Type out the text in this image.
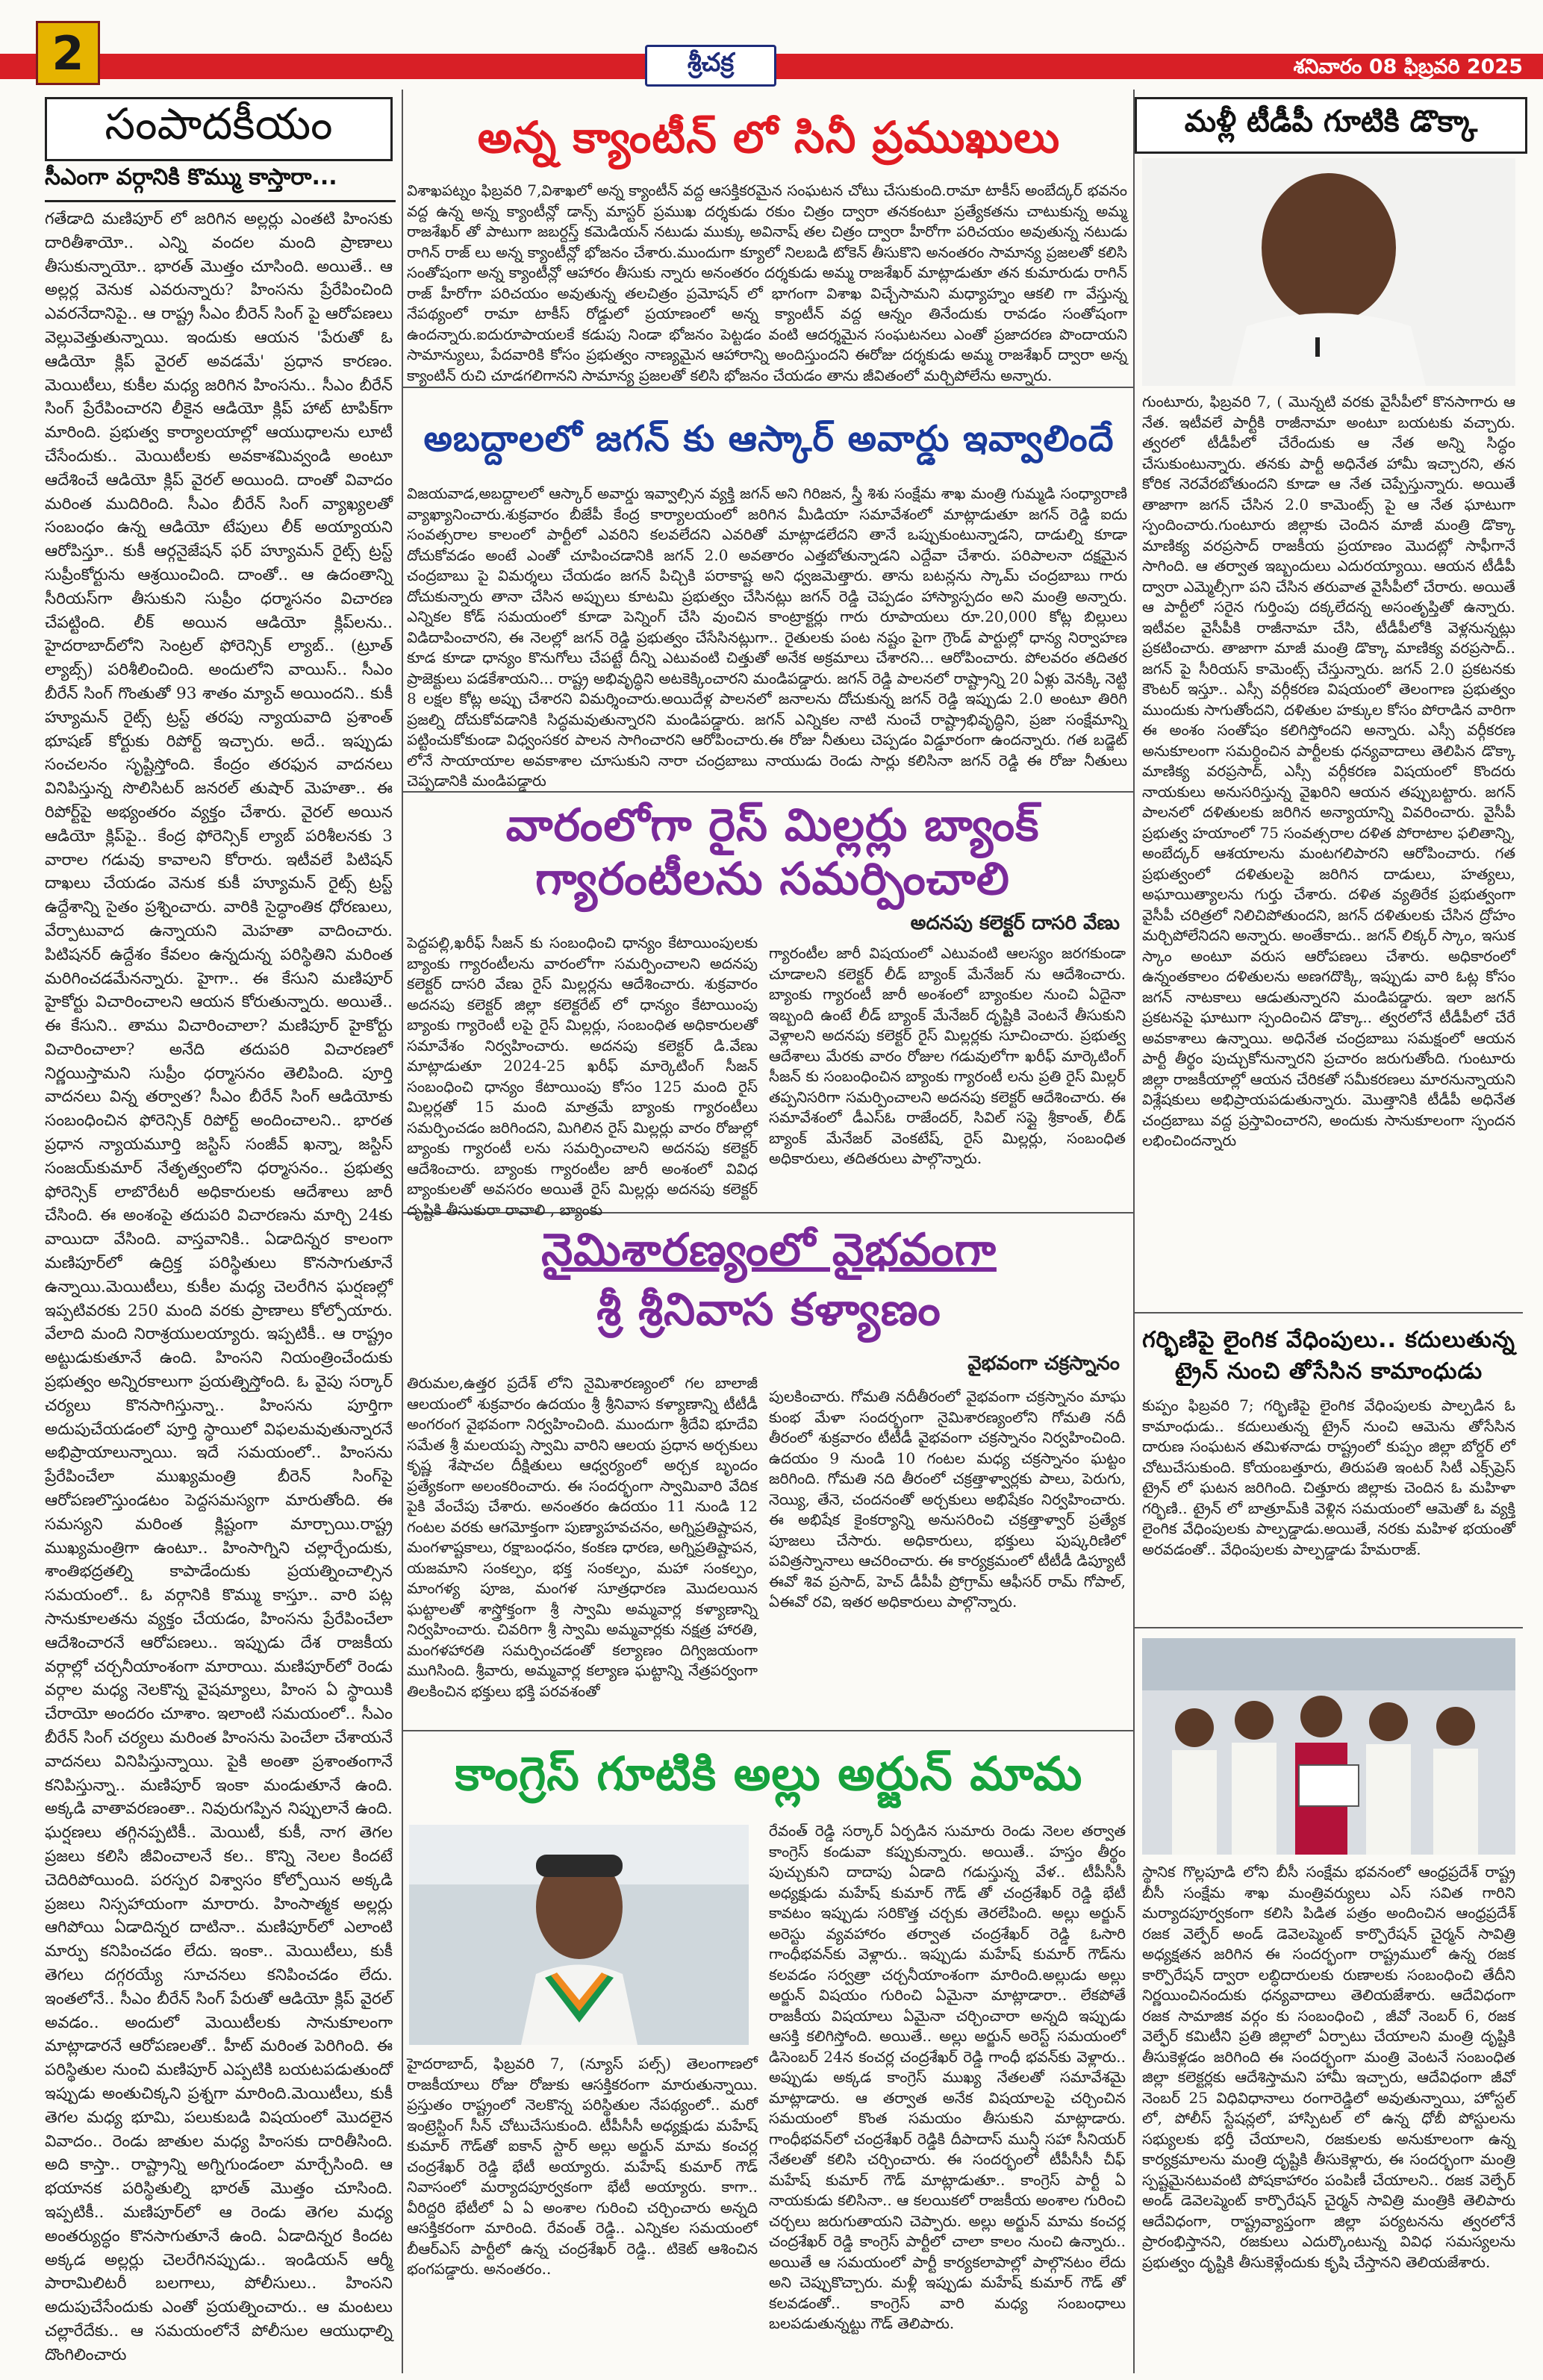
2	శ్రీచక్ర	శనివారం 08 ఫిబ్రవరి 2025
సంపాదకీయం
సీఎంగా వర్గానికి కొమ్ము కాస్తారా...
గతేడాది మణిపూర్ లో జరిగిన అల్లర్లు ఎంతటి హింసకు దారితీశాయో.. ఎన్ని వందల మంది ప్రాణాలు తీసుకున్నాయో.. భారత్ మొత్తం చూసింది. అయితే.. ఆ అల్లర్ల వెనుక ఎవరున్నారు? హింసను ప్రేరేపించింది ఎవరనేదానిపై.. ఆ రాష్ట్ర సీఎం బీరెన్ సింగ్ పై ఆరోపణలు వెల్లువెత్తుతున్నాయి. ఇందుకు ఆయన 'పేరుతో ఓ ఆడియో క్లిప్ వైరల్ అవడమే' ప్రధాన కారణం. మెయిటీలు, కుకీల మధ్య జరిగిన హింసను.. సీఎం బీరేన్ సింగ్ ప్రేరేపించారని లీకైన ఆడియో క్లిప్ హాట్ టాపిక్‌గా మారింది. ప్రభుత్వ కార్యాలయాల్లో ఆయుధాలను లూటీ చేసేందుకు.. మెయిటీలకు అవకాశమివ్వండి అంటూ ఆదేశించే ఆడియో క్లిప్ వైరల్ అయింది. దాంతో వివాదం మరింత ముదిరింది. సీఎం బీరేన్ సింగ్ వ్యాఖ్యలతో సంబంధం ఉన్న ఆడియో టేపులు లీక్ అయ్యాయని ఆరోపిస్తూ.. కుకీ ఆర్గనైజేషన్ ఫర్ హ్యూమన్ రైట్స్ ట్రస్ట్ సుప్రీంకోర్టును ఆశ్రయించింది. దాంతో.. ఆ ఉదంతాన్ని సీరియస్‌గా తీసుకుని సుప్రీం ధర్మాసనం విచారణ చేపట్టింది. లీక్ అయిన ఆడియో క్లిప్‌లను.. హైదరాబాద్‌లోని సెంట్రల్ ఫోరెన్సిక్ ల్యాబ్.. (ట్రూత్ ల్యాబ్స్) పరిశీలించింది. అందులోని వాయిస్.. సీఎం బీరేన్ సింగ్ గొంతుతో 93 శాతం మ్యాచ్ అయిందని.. కుకీ హ్యూమన్ రైట్స్ ట్రస్ట్ తరపు న్యాయవాది ప్రశాంత్ భూషణ్ కోర్టుకు రిపోర్ట్ ఇచ్చారు. అదే.. ఇప్పుడు సంచలనం సృష్టిస్తోంది. కేంద్రం తరఫున వాదనలు వినిపిస్తున్న సొలిసిటర్ జనరల్ తుషార్ మెహతా.. ఈ రిపోర్ట్‌పై అభ్యంతరం వ్యక్తం చేశారు. వైరల్ అయిన ఆడియో క్లిప్‌పై.. కేంద్ర ఫోరెన్సిక్ ల్యాబ్ పరిశీలనకు 3 వారాల గడువు కావాలని కోరారు. ఇటీవలే పిటిషన్ దాఖలు చేయడం వెనుక కుకీ హ్యూమన్ రైట్స్ ట్రస్ట్ ఉద్దేశాన్ని సైతం ప్రశ్నించారు. వారికి సైద్ధాంతిక ధోరణులు, వేర్పాటువాద ఉన్నాయని మెహతా వాదించారు. పిటిషనర్ ఉద్దేశం కేవలం ఉన్నదున్న పరిస్థితిని మరింత మరిగించడమేనన్నారు. హైగా.. ఈ కేసుని మణిపూర్ హైకోర్టు విచారించాలని ఆయన కోరుతున్నారు. అయితే.. ఈ కేసుని.. తాము విచారించాలా? మణిపూర్ హైకోర్టు విచారించాలా? అనేది తదుపరి విచారణలో నిర్ణయిస్తామని సుప్రీం ధర్మాసనం తెలిపింది. పూర్తి వాదనలు విన్న తర్వాత? సీఎం బీరేన్ సింగ్ ఆడియోకు సంబంధించిన ఫోరెన్సిక్ రిపోర్ట్ అందించాలని.. భారత ప్రధాన న్యాయమూర్తి జస్టిస్ సంజీవ్ ఖన్నా, జస్టిస్ సంజయ్‌కుమార్ నేతృత్వంలోని ధర్మాసనం.. ప్రభుత్వ ఫోరెన్సిక్ లాబొరేటరీ అధికారులకు ఆదేశాలు జారీ చేసింది. ఈ అంశంపై తదుపరి విచారణను మార్చి 24కు వాయిదా వేసింది. వాస్తవానికి.. ఏడాదిన్నర కాలంగా మణిపూర్‌లో ఉద్రిక్త పరిస్థితులు కొనసాగుతూనే ఉన్నాయి.మెయిటీలు, కుకీల మధ్య చెలరేగిన ఘర్షణల్లో ఇప్పటివరకు 250 మంది వరకు ప్రాణాలు కోల్పోయారు. వేలాది మంది నిరాశ్రయులయ్యారు. ఇప్పటికీ.. ఆ రాష్ట్రం అట్టుడుకుతూనే ఉంది. హింసని నియంత్రించేందుకు ప్రభుత్వం అన్నిరకాలుగా ప్రయత్నిస్తోంది. ఓ వైపు సర్కార్ చర్యలు కొనసాగిస్తున్నా.. హింసను పూర్తిగా అదుపుచేయడంలో పూర్తి స్థాయిలో విఫలమవుతున్నారనే అభిప్రాయాలున్నాయి. ఇదే సమయంలో.. హింసను ప్రేరేపించేలా ముఖ్యమంత్రి బీరెన్ సింగ్‌పై ఆరోపణలొస్తుండటం పెద్దసమస్యగా మారుతోంది. ఈ సమస్యని మరింత క్లిష్టంగా మార్చాయి.రాష్ట్ర ముఖ్యమంత్రిగా ఉంటూ.. హింసాగ్నిని చల్లార్చేందుకు, శాంతిభద్రతల్ని కాపాడేందుకు ప్రయత్నించాల్సిన సమయంలో.. ఓ వర్గానికి కొమ్ము కాస్తూ.. వారి పట్ల సానుకూలతను వ్యక్తం చేయడం, హింసను ప్రేరేపించేలా ఆదేశించారనే ఆరోపణలు.. ఇప్పుడు దేశ రాజకీయ వర్గాల్లో చర్చనీయాంశంగా మారాయి. మణిపూర్‌లో రెండు వర్గాల మధ్య నెలకొన్న వైషమ్యాలు, హింస ఏ స్థాయికి చేరాయో అందరం చూశాం. ఇలాంటి సమయంలో.. సీఎం బీరేన్ సింగ్ చర్యలు మరింత హింసను పెంచేలా చేశాయనే వాదనలు వినిపిస్తున్నాయి. పైకి అంతా ప్రశాంతంగానే కనిపిస్తున్నా.. మణిపూర్ ఇంకా మండుతూనే ఉంది. అక్కడి వాతావరణంతా.. నివురుగప్పిన నిప్పులానే ఉంది. ఘర్షణలు తగ్గినప్పటికీ.. మెయిటీ, కుకీ, నాగ తెగల ప్రజలు కలిసి జీవించాలనే కల.. కొన్ని నెలల కిందటే చెదిరిపోయింది. పరస్పర విశ్వాసం కోల్పోయిన అక్కడి ప్రజలు నిస్సహాయంగా మారారు. హింసాత్మక అల్లర్లు ఆగిపోయి ఏడాదిన్నర దాటినా.. మణిపూర్‌లో ఎలాంటి మార్పు కనిపించడం లేదు. ఇంకా.. మెయిటీలు, కుకీ తెగలు దగ్గరయ్యే సూచనలు కనిపించడం లేదు. ఇంతలోనే.. సీఎం బీరేన్ సింగ్ పేరుతో ఆడియో క్లిప్ వైరల్ అవడం.. అందులో మెయిటీలకు సానుకూలంగా మాట్లాడారనే ఆరోపణలతో.. హీట్ మరింత పెరిగింది. ఈ పరిస్థితుల నుంచి మణిపూర్ ఎప్పటికి బయటపడుతుందో ఇప్పుడు అంతుచిక్కని ప్రశ్నగా మారింది.మెయిటీలు, కుకీ తెగల మధ్య భూమి, పలుకుబడి విషయంలో మొదలైన వివాదం.. రెండు జాతుల మధ్య హింసకు దారితీసింది. అది కాస్తా.. రాష్ట్రాన్ని అగ్నిగుండంలా మార్చేసింది. ఆ భయానక పరిస్థితుల్ని భారత్ మొత్తం చూసింది. ఇప్పటికీ.. మణిపూర్‌లో ఆ రెండు తెగల మధ్య అంతర్యుద్ధం కొనసాగుతూనే ఉంది. ఏడాదిన్నర కిందట అక్కడ అల్లర్లు చెలరేగినప్పుడు.. ఇండియన్ ఆర్మీ పారామిలిటరీ బలగాలు, పోలీసులు.. హింసని అదుపుచేసేందుకు ఎంతో ప్రయత్నించారు.. ఆ మంటలు చల్లారేదేకు.. ఆ సమయంలోనే పోలీసుల ఆయుధాల్ని దొంగిలించారు
అన్న క్యాంటీన్ లో సినీ ప్రముఖులు
విశాఖపట్నం ఫిబ్రవరి 7,విశాఖలో అన్న క్యాంటీన్ వద్ద ఆసక్తికరమైన సంఘటన చోటు చేసుకుంది.రామా టాకీస్ అంబేద్కర్ భవనం వద్ద ఉన్న అన్న క్యాంటీన్లో డాన్స్ మాస్టర్ ప్రముఖ దర్శకుడు రకుం చిత్రం ద్వారా తనకంటూ ప్రత్యేకతను చాటుకున్న అమ్మ రాజశేఖర్ తో పాటుగా జబర్దస్త్ కమెడియన్ నటుడు ముక్కు అవినాష్ తల చిత్రం ద్వారా హీరోగా పరిచయం అవుతున్న నటుడు రాగిన్ రాజ్ లు అన్న క్యాంటీన్లో భోజనం చేశారు.ముందుగా క్యూలో నిలబడి టోకెన్ తీసుకొని అనంతరం సామాన్య ప్రజలతో కలిసి సంతోషంగా అన్న క్యాంటీన్లో ఆహారం తీసుకు న్నారు అనంతరం దర్శకుడు అమ్మ రాజశేఖర్ మాట్లాడుతూ తన కుమారుడు రాగిన్ రాజ్ హీరోగా పరిచయం అవుతున్న తలచిత్రం ప్రమోషన్ లో భాగంగా విశాఖ విచ్చేసామని మధ్యాహ్నం ఆకలి గా వేస్తున్న నేపథ్యంలో రామా టాకీస్ రోడ్డులో ప్రయాణంలో అన్న క్యాంటీన్ వద్ద ఆన్నం తినేందుకు రావడం సంతోషంగా ఉందన్నారు.ఐదురూపాయలకే కడుపు నిండా భోజనం పెట్టడం వంటి ఆదర్శమైన సంఘటనలు ఎంతో ప్రజాదరణ పొందాయని సామాన్యులు, పేదవారికి కోసం ప్రభుత్వం నాణ్యమైన ఆహారాన్ని అందిస్తుందని ఈరోజు దర్శకుడు అమ్మ రాజశేఖర్ ద్వారా అన్న క్యాంటిన్ రుచి చూడగలిగానని సామాన్య ప్రజలతో కలిసి భోజనం చేయడం తాను జీవితంలో మర్చిపోలేను అన్నారు.
అబద్దాలలో జగన్ కు ఆస్కార్ అవార్డు ఇవ్వాలిందే
విజయవాడ,అబద్దాలలో ఆస్కార్ అవార్డు ఇవ్వాల్సిన వ్యక్తి జగన్ అని గిరిజన, స్త్రీ శిశు సంక్షేమ శాఖ మంత్రి గుమ్మడి సంధ్యారాణి వ్యాఖ్యానించారు.శుక్రవారం బీజేపీ కేంద్ర కార్యాలయంలో జరిగిన మీడియా సమావేశంలో మాట్లాడుతూ జగన్ రెడ్డి ఐదు సంవత్సరాల కాలంలో పార్టీలో ఎవరిని కలవలేదని ఎవరితో మాట్లాడలేదని తానే ఒప్పుకుంటున్నాడని, దాడుల్ని కూడా దోచుకోవడం అంటే ఎంతో చూపించడానికి జగన్ 2.0 అవతారం ఎత్తబోతున్నాడని ఎద్దేవా చేశారు. పరిపాలనా దక్షమైన చంద్రబాబు పై విమర్శలు చేయడం జగన్ పిచ్చికి పరాకాష్ట అని ధ్వజమెత్తారు. తాను బటన్లను స్కామ్ చంద్రబాబు గారు దోచుకున్నారు తానా చేసిన అప్పులు కూటమి ప్రభుత్వం చేసినట్లు జగన్ రెడ్డి చెప్పడం హాస్యాస్పదం అని మంత్రి అన్నారు. ఎన్నికల కోడ్ సమయంలో కూడా పెన్నింగ్ చేసి వుంచిన కాంట్రాక్టర్లు గారు రూపాయలు రూ.20,000 కోట్ల బిల్లులు విడిదాపించారని, ఈ నెలల్లో జగన్ రెడ్డి ప్రభుత్వం చేసేసినట్లుగా.. రైతులకు పంట నష్టం పైగా గ్రౌండ్ పార్టుల్లో ధాన్య నిర్వాహణ కూడ కూడా ధాన్యం కొనుగోలు చేపట్టే దీన్ని ఎటువంటి చిత్తుతో అనేక అక్రమాలు చేశారని... ఆరోపించారు. పోలవరం తదితర ప్రాజెక్టులు పడకేశాయని... రాష్ట్ర అభివృద్ధిని అటకెక్కించారని మండిపడ్డారు. జగన్ రెడ్డి పాలనలో రాష్ట్రాన్ని 20 ఏళ్లు వెనక్కి నెట్టి 8 లక్షల కోట్ల అప్పు చేశారని విమర్శించారు.అయిదేళ్ల పాలనలో జనాలను దోచుకున్న జగన్ రెడ్డి ఇప్పుడు 2.0 అంటూ తిరిగి ప్రజల్ని దోచుకోవడానికి సిద్ధమవుతున్నారని మండిపడ్డారు. జగన్ ఎన్నికల నాటి నుంచే రాష్ట్రాభివృద్ధిని, ప్రజా సంక్షేమాన్ని పట్టించుకోకుండా విధ్వంసకర పాలన సాగించారని ఆరోపించారు.ఈ రోజు నీతులు చెప్పడం విడ్డూరంగా ఉందన్నారు. గత బడ్జెట్ లోనే సాయాయాల అవకాశాల చూసుకుని నారా చంద్రబాబు నాయుడు రెండు సార్లు కలిసినా జగన్ రెడ్డి ఈ రోజు నీతులు చెప్పడానికి మండిపడ్డారు
వారంలోగా రైస్ మిల్లర్లు బ్యాంక్ గ్యారంటీలను సమర్పించాలి
అదనపు కలెక్టర్ దాసరి వేణు
పెద్దపల్లి,ఖరీఫ్ సీజన్ కు సంబంధించి ధాన్యం కేటాయింపులకు బ్యాంకు గ్యారంటీలను వారంలోగా సమర్పించాలని అదనపు కలెక్టర్ దాసరి వేణు రైస్ మిల్లర్లను ఆదేశించారు. శుక్రవారం అదనపు కలెక్టర్ జిల్లా కలెక్టరేట్ లో ధాన్యం కేటాయింపు బ్యాంకు గ్యారెంటీ లపై రైస్ మిల్లర్లు, సంబంధిత అధికారులతో సమావేశం నిర్వహించారు. అదనపు కలెక్టర్ డి.వేణు మాట్లాడుతూ 2024-25 ఖరీఫ్ మార్కెటింగ్ సీజన్ సంబంధించి ధాన్యం కేటాయింపు కోసం 125 మంది రైస్ మిల్లర్లతో 15 మంది మాత్రమే బ్యాంకు గ్యారంటీలు సమర్పించడం జరిగిందని, మిగిలిన రైస్ మిల్లర్లు వారం రోజుల్లో బ్యాంకు గ్యారంటీ లను సమర్పించాలని అదనపు కలెక్టర్ ఆదేశించారు. బ్యాంకు గ్యారంటీల జారీ అంశంలో వివిధ బ్యాంకులతో అవసరం అయితే రైస్ మిల్లర్లు అదనపు కలెక్టర్ దృష్టికి తీసుకురా రావాలి , బ్యాంకు
గ్యారంటీల జారీ విషయంలో ఎటువంటి ఆలస్యం జరగకుండా చూడాలని కలెక్టర్ లీడ్ బ్యాంక్ మేనేజర్ ను ఆదేశించారు. బ్యాంకు గ్యారంటీ జారీ అంశంలో బ్యాంకుల నుంచి ఏదైనా ఇబ్బంది ఉంటే లీడ్ బ్యాంక్ మేనేజర్ దృష్టికి వెంటనే తీసుకుని వెళ్లాలని అదనపు కలెక్టర్ రైస్ మిల్లర్లకు సూచించారు. ప్రభుత్వ ఆదేశాలు మేరకు వారం రోజుల గడువులోగా ఖరీఫ్ మార్కెటింగ్ సీజన్ కు సంబంధించిన బ్యాంకు గ్యారంటీ లను ప్రతి రైస్ మిల్లర్ తప్పనిసరిగా సమర్పించాలని అదనపు కలెక్టర్ ఆదేశించారు. ఈ సమావేశంలో డీఎస్ఓ రాజేందర్, సివిల్ సప్లై శ్రీకాంత్, లీడ్ బ్యాంక్ మేనేజర్ వెంకటేష్, రైస్ మిల్లర్లు, సంబంధిత అధికారులు, తదితరులు పాల్గొన్నారు.
నైమిశారణ్యంలో వైభవంగా
శ్రీ శ్రీనివాస కళ్యాణం
వైభవంగా చక్రస్నానం
తిరుమల,ఉత్తర ప్రదేశ్ లోని నైమిశారణ్యంలో గల బాలాజీ ఆలయంలో శుక్రవారం ఉదయం శ్రీ శ్రీనివాస కళ్యాణాన్ని టీటీడీ అంగరంగ వైభవంగా నిర్వహించింది. ముందుగా శ్రీదేవి భూదేవి సమేత శ్రీ మలయప్ప స్వామి వారిని ఆలయ ప్రధాన అర్చకులు కృష్ణ శేషాచల దీక్షితులు ఆధ్వర్యంలో అర్చక బృందం ప్రత్యేకంగా అలంకరించారు. ఈ సందర్భంగా స్వామివారి వేదిక పైకి వేంచేపు చేశారు. అనంతరం ఉదయం 11 నుండి 12 గంటల వరకు ఆగమోక్తంగా పుణ్యాహవచనం, అగ్నిప్రతిష్టాపన, మంగళాష్టకాలు, రక్షాబంధనం, కంకణ ధారణ, అగ్నిప్రతిష్టాపన, యజమాని సంకల్పం, భక్త సంకల్పం, మహా సంకల్పం, మాంగళ్య పూజ, మంగళ సూత్రధారణ మొదలయిన ఘట్టాలతో శాస్త్రోక్తంగా శ్రీ స్వామి అమ్మవార్ల కళ్యాణాన్ని నిర్వహించారు. చివరిగా శ్రీ స్వామి అమ్మవార్లకు నక్షత్ర హారతి, మంగళహారతి సమర్పించడంతో కల్యాణం దిగ్విజయంగా ముగిసింది. శ్రీవారు, అమ్మవార్ల కల్యాణ ఘట్టాన్ని నేత్రపర్వంగా తిలకించిన భక్తులు భక్తి పరవశంతో
పులకించారు. గోమతి నదీతీరంలో వైభవంగా చక్రస్నానం మాఘ కుంభ మేళా సందర్భంగా నైమిశారణ్యంలోని గోమతి నదీ తీరంలో శుక్రవారం టీటీడీ వైభవంగా చక్రస్నానం నిర్వహించింది. ఉదయం 9 నుండి 10 గంటల మధ్య చక్రస్నానం ఘట్టం జరిగింది. గోమతి నది తీరంలో చక్రత్తాళ్వార్లకు పాలు, పెరుగు, నెయ్యి, తేనె, చందనంతో అర్చకులు అభిషేకం నిర్వహించారు. ఈ అభిషేక కైంకర్యాన్ని అనుసరించి చక్రత్తాళ్వార్ ప్రత్యేక పూజలు చేసారు. అధికారులు, భక్తులు పుష్కరిణిలో పవిత్రస్నానాలు ఆచరించారు. ఈ కార్యక్రమంలో టీటీడీ డిప్యూటీ ఈవో శివ ప్రసాద్, హెచ్ డీపీపీ ప్రోగ్రామ్ ఆఫీసర్ రామ్ గోపాల్, ఏఈవో రవి, ఇతర అధికారులు పాల్గొన్నారు.
కాంగ్రెస్ గూటికి అల్లు అర్జున్ మామ
హైదరాబాద్, ఫిబ్రవరి 7, (న్యూస్ పల్స్) తెలంగాణలో రాజకీయాలు రోజు రోజుకు ఆసక్తికరంగా మారుతున్నాయి. ప్రస్తుతం రాష్ట్రంలో నెలకొన్న పరిస్థితుల నేపథ్యంలో.. మరో ఇంట్రెస్టింగ్ సీన్ చోటుచేసుకుంది. టీపీసీసీ అధ్యక్షుడు మహేష్ కుమార్ గౌడ్‌తో ఐకాన్ స్టార్ అల్లు అర్జున్ మామ కంచర్ల చంద్రశేఖర్ రెడ్డి భేటీ అయ్యారు. మహేష్ కుమార్ గౌడ్ నివాసంలో మర్యాదపూర్వకంగా భేటీ అయ్యారు. కాగా.. వీరిద్దరి భేటీలో ఏ ఏ అంశాల గురించి చర్చించారు అన్నది ఆసక్తికరంగా మారింది. రేవంత్ రెడ్డి.. ఎన్నికల సమయంలో బీఆర్ఎస్ పార్టీలో ఉన్న చంద్రశేఖర్ రెడ్డి.. టికెట్ ఆశించిన భంగపడ్డారు. అనంతరం..
రేవంత్ రెడ్డి సర్కార్ ఏర్పడిన సుమారు రెండు నెలల తర్వాత కాంగ్రెస్ కండువా కప్పుకున్నారు. అయితే.. హస్తం తీర్థం పుచ్చుకుని దాదాపు ఏడాది గడుస్తున్న వేళ.. టీపీసీసీ అధ్యక్షుడు మహేష్ కుమార్ గౌడ్ తో చంద్రశేఖర్ రెడ్డి భేటీ కావటం ఇప్పుడు సరికొత్త చర్చకు తెరలేపింది. అల్లు అర్జున్ అరెస్టు వ్యవహారం తర్వాత చంద్రశేఖర్ రెడ్డి ఓసారి గాంధీభవన్‌కు వెళ్లారు.. ఇప్పుడు మహేష్ కుమార్ గౌడ్‌ను కలవడం సర్వత్రా చర్చనీయాంశంగా మారింది.అల్లుడు అల్లు అర్జున్ విషయం గురించి ఏమైనా మాట్లాడారా.. లేకపోతే రాజకీయ విషయాలు ఏమైనా చర్చించారా అన్నది ఇప్పుడు ఆసక్తి కలిగిస్తోంది. అయితే.. అల్లు అర్జున్ అరెస్ట్ సమయంలో డిసెంబర్ 24న కంచర్ల చంద్రశేఖర్ రెడ్డి గాంధీ భవన్‌కు వెళ్లారు.. అప్పుడు అక్కడ కాంగ్రెస్ ముఖ్య నేతలతో సమావేశమై మాట్లాడారు. ఆ తర్వాత అనేక విషయాలపై చర్చించిన సమయంలో కొంత సమయం తీసుకుని మాట్లాడారు. గాంధీభవన్‌లో చంద్రశేఖర్ రెడ్డికి దీపాదాస్ మున్షీ సహా సీనియర్ నేతలతో కలిసి చర్చించారు. ఈ సందర్భంలో టీపీసీసీ చీఫ్ మహేష్ కుమార్ గౌడ్ మాట్లాడుతూ.. కాంగ్రెస్ పార్టీ ఏ నాయకుడు కలిసినా.. ఆ కలయికలో రాజకీయ అంశాల గురించి చర్చలు జరుగుతాయని చెప్పారు. అల్లు అర్జున్ మామ కంచర్ల చంద్రశేఖర్ రెడ్డి కాంగ్రెస్ పార్టీలో చాలా కాలం నుంచి ఉన్నారు.. అయితే ఆ సమయంలో పార్టీ కార్యకలాపాల్లో పాల్గొనటం లేదు అని చెప్పుకొచ్చారు. మళ్లీ ఇప్పుడు మహేష్ కుమార్ గౌడ్ తో కలవడంతో.. కాంగ్రెస్ వారి మధ్య సంబంధాలు బలపడుతున్నట్టు గౌడ్ తెలిపారు.
మళ్లీ టీడీపీ గూటికి డొక్కా
గుంటూరు, ఫిబ్రవరి 7, ( మొన్నటి వరకు వైసీపీలో కొనసాగారు ఆ నేత. ఇటీవలే పార్టీకి రాజీనామా అంటూ బయటకు వచ్చారు. త్వరలో టీడీపీలో చేరేందుకు ఆ నేత అన్ని సిద్ధం చేసుకుంటున్నారు. తనకు పార్టీ అధినేత హామీ ఇచ్చారని, తన కోరిక నెరవేరబోతుందని కూడా ఆ నేత చెప్పేస్తున్నారు. అయితే తాజాగా జగన్ చేసిన 2.0 కామెంట్స్ పై ఆ నేత ఘాటుగా స్పందించారు.గుంటూరు జిల్లాకు చెందిన మాజీ మంత్రి డొక్కా మాణిక్య వరప్రసాద్ రాజకీయ ప్రయాణం మొదట్లో సాఫీగానే సాగింది. ఆ తర్వాత ఇబ్బందులు ఎదురయ్యాయి. ఆయన టీడీపీ ద్వారా ఎమ్మెల్సీగా పని చేసిన తరువాత వైసీపీలో చేరారు. అయితే ఆ పార్టీలో సరైన గుర్తింపు దక్కలేదన్న అసంతృప్తితో ఉన్నారు. ఇటీవల వైసీపీకి రాజీనామా చేసి, టీడీపీలోకి వెళ్లనున్నట్లు ప్రకటించారు. తాజాగా మాజీ మంత్రి డొక్కా మాణిక్య వరప్రసాద్.. జగన్ పై సీరియస్ కామెంట్స్ చేస్తున్నారు. జగన్ 2.0 ప్రకటనకు కౌంటర్ ఇస్తూ.. ఎస్సీ వర్గీకరణ విషయంలో తెలంగాణ ప్రభుత్వం ముందుకు సాగుతోందని, దళితుల హక్కుల కోసం పోరాడిన వారిగా ఈ అంశం సంతోషం కలిగిస్తోందని అన్నారు. ఎస్సీ వర్గీకరణ అనుకూలంగా సమర్ధించిన పార్టీలకు ధన్యవాదాలు తెలిపిన డొక్కా మాణిక్య వరప్రసాద్, ఎస్సీ వర్గీకరణ విషయంలో కొందరు నాయకులు అనుసరిస్తున్న వైఖరిని ఆయన తప్పుబట్టారు. జగన్ పాలనలో దళితులకు జరిగిన అన్యాయాన్ని వివరించారు. వైసీపీ ప్రభుత్వ హయాంలో 75 సంవత్సరాల దళిత పోరాటాల ఫలితాన్ని, అంబేద్కర్ ఆశయాలను మంటగలిపారని ఆరోపించారు. గత ప్రభుత్వంలో దళితులపై జరిగిన దాడులు, హత్యలు, అఘాయిత్యాలను గుర్తు చేశారు. దళిత వ్యతిరేక ప్రభుత్వంగా వైసీపీ చరిత్రలో నిలిచిపోతుందని, జగన్ దళితులకు చేసిన ద్రోహం మర్చిపోలేనిదని అన్నారు. అంతేకాదు.. జగన్ లిక్కర్ స్కాం, ఇసుక స్కాం అంటూ వరుస ఆరోపణలు చేశారు. అధికారంలో ఉన్నంతకాలం దళితులను అణగదొక్కి, ఇప్పుడు వారి ఓట్ల కోసం జగన్ నాటకాలు ఆడుతున్నారని మండిపడ్డారు. ఇలా జగన్ ప్రకటనపై ఘాటుగా స్పందించిన డొక్కా.. త్వరలోనే టీడీపీలో చేరే అవకాశాలు ఉన్నాయి. అధినేత చంద్రబాబు సమక్షంలో ఆయన పార్టీ తీర్థం పుచ్చుకోనున్నారని ప్రచారం జరుగుతోంది. గుంటూరు జిల్లా రాజకీయాల్లో ఆయన చేరికతో సమీకరణలు మారనున్నాయని విశ్లేషకులు అభిప్రాయపడుతున్నారు. మొత్తానికి టీడీపీ అధినేత చంద్రబాబు వద్ద ప్రస్తావించారని, అందుకు సానుకూలంగా స్పందన లభించిందన్నారు
గర్భిణిపై లైంగిక వేధింపులు.. కదులుతున్న ట్రైన్ నుంచి తోసేసిన కామాంధుడు
కుప్పం ఫిబ్రవరి 7; గర్భిణిపై లైంగిక వేధింపులకు పాల్పడిన ఓ కామాంధుడు.. కదులుతున్న ట్రైన్ నుంచి ఆమెను తోసేసిన దారుణ సంఘటన తమిళనాడు రాష్ట్రంలో కుప్పం జిల్లా బోర్డర్ లో చోటుచేసుకుంది. కోయంబత్తూరు, తిరుపతి ఇంటర్ సిటీ ఎక్స్‌ప్రెస్ ట్రైన్ లో ఘటన జరిగింది. చిత్తూరు జిల్లాకు చెందిన ఓ మహిళా గర్భిణి.. ట్రైన్ లో బాత్రూమ్‌కి వెళ్లిన సమయంలో ఆమెతో ఓ వ్యక్తి లైంగిక వేధింపులకు పాల్పడ్డాడు.అయితే, నరకు మహిళ భయంతో అరవడంతో.. వేధింపులకు పాల్పడ్డాడు హేమరాజ్.
స్థానిక గొల్లపూడి లోని బీసీ సంక్షేమ భవనంలో ఆంధ్రప్రదేశ్ రాష్ట్ర బీసీ సంక్షేమ శాఖ మంత్రివర్యులు ఎస్ సవిత గారిని మర్యాదపూర్వకంగా కలిసి పిడిత పత్రం అందించిన ఆంధ్రప్రదేశ్ రజక వెల్ఫేర్ అండ్ డెవెలప్మెంట్ కార్పొరేషన్ చైర్మన్ సావిత్రి అధ్యక్షతన జరిగిన ఈ సందర్భంగా రాష్ట్రములో ఉన్న రజక కార్పొరేషన్ ద్వారా లబ్ధిదారులకు రుణాలకు సంబంధించి తేదీని నిర్ణయించినందుకు ధన్యవాదాలు తెలియజేశారు. ఆదేవిధంగా రజక సామాజిక వర్గం కు సంబంధించి , జీవో నెంబర్ 6, రజక వెల్ఫేర్ కమిటీని ప్రతి జిల్లాలో ఏర్పాటు చేయాలని మంత్రి దృష్టికి తీసుకెళ్లడం జరిగింది ఈ సందర్భంగా మంత్రి వెంటనే సంబంధిత జిల్లా కలెక్టర్లకు ఆదేశిస్తామని హామీ ఇచ్చారు, ఆదేవిధంగా జీవో నెంబర్ 25 విధివిధానాలు రంగారెడ్డిలో అవుతున్నాయి, హోస్టల్ లో, పోలీస్ స్టేషన్లలో, హాస్పిటల్ లో ఉన్న ధోబీ పోస్టులను సభ్యులకు భర్తీ చేయాలని, రజకులకు అనుకూలంగా ఉన్న కార్యక్రమాలను మంత్రి దృష్టికి తీసుకెళ్లారు, ఈ సందర్భంగా మంత్రి స్పష్టమైనటువంటి పోషకాహారం పంపిణీ చేయాలని.. రజక వెల్ఫేర్ అండ్ డెవెలప్మెంట్ కార్పొరేషన్ చైర్మన్ సావిత్రి మంత్రికి తెలిపారు ఆదేవిధంగా, రాష్ట్రవ్యాప్తంగా జిల్లా పర్యటనను త్వరలోనే ప్రారంభిస్తానని, రజకులు ఎదుర్కొంటున్న వివిధ సమస్యలను ప్రభుత్వం దృష్టికి తీసుకెళ్లేందుకు కృషి చేస్తానని తెలియజేశారు.
